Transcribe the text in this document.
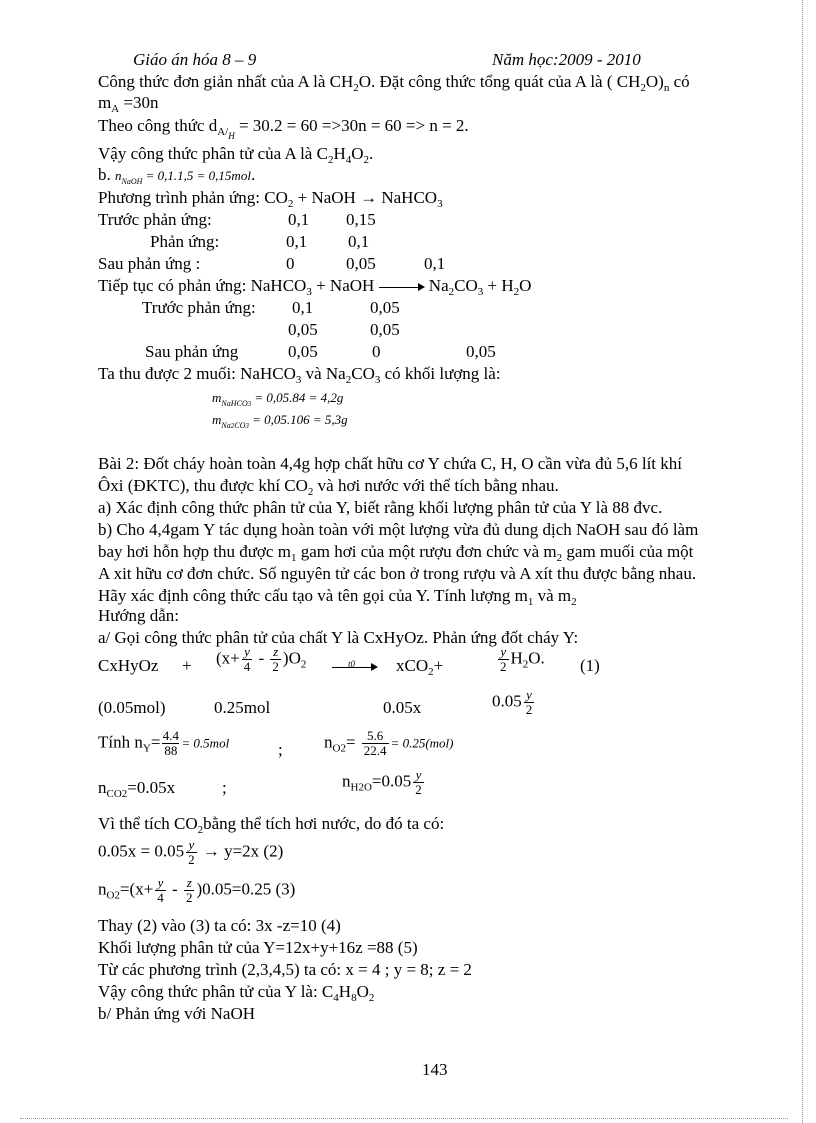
Giáo án hóa 8 – 9	Năm học:2009 - 2010
Công thức đơn giản nhất của A là $CH_2O$. Đặt công thức tổng quát của A là ( $CH_2O)_n$ có
$m_A =30n$
Theo công thức $d_{A/H} = 30.2 = 60 =>30n = 60 => n = 2$.
Vậy công thức phân tử của A là $C_2H_4O_2$.
b. $n_{NaOH} = 0,1.1,5 = 0,15mol$.
Phương trình phản ứng: $CO_2$ + NaOH → NaHCO$_3$
Trước phản ứng:	0,1 0,15
Phản ứng:	0,1 0,1
Sau phản ứng :	0	0,05	0,1
Tiếp tục có phản ứng: NaHCO$_3$ + NaOH	$Na_2CO_3 + H_2O$
Trước phản ứng: 0,1	0,05
0,05	0,05
Sau phản ứng	0,05	0	0,05
Ta thu được 2 muối: NaHCO$_3$ và $Na_2CO_3$ có khối lượng là:
$m_{NaHCO3} = 0,05.84 = 4,2g$
$m_{Na2CO3} = 0,05.106 = 5,3g$
Bài 2: Đốt cháy hoàn toàn 4,4g hợp chất hữu cơ Y chứa C, H, O cần vừa đủ 5,6 lít khí
Ôxi (ĐKTC), thu được khí $CO_2$ và hơi nước với thể tích bằng nhau.
a) Xác định công thức phân tử của Y, biết rằng khối lượng phân tử của Y là 88 đvc.
b) Cho 4,4gam Y tác dụng hoàn toàn với một lượng vừa đủ dung dịch NaOH sau đó làm
bay hơi hỗn hợp thu được $m_1$ gam hơi của một rượu đơn chức và $m_2$ gam muối của một
A xit hữu cơ đơn chức. Số nguyên tử các bon ở trong rượu và A xít thu được bằng nhau.
Hãy xác định công thức cấu tạo và tên gọi của Y. Tính lượng $m_1$ và $m_2$
Hướng dẫn:
a/ Gọi công thức phân tử của chất Y là CxHyOz. Phản ứng đốt cháy Y:
CxHyOz + $(x+ \frac{y}{4} - \frac{z}{2} )O_2$	t0 xCO$_2$+	$\frac{y}{2} H_2O$. (1)
(0.05mol)	0.25mol	0.05x	$0.05 \frac{y}{2}$
Tính $n_Y= \frac{4.4}{88} = 0.5mol$	; $n_{O2}= \frac{5.6}{22.4} = 0.25(mol)$
$n_{CO2}=0.05x$	;	$n_{H2O}=0.05 \frac{y}{2}$
Vì thể tích $CO_2bằng$ thể tích hơi nước, do đó ta có:
$0.05x = 0.05 \frac{y}{2} \to y=2x$ (2)
$n_{O2}=(x+ \frac{y}{4} - \frac{z}{2} )0.05=0.25$ (3)
Thay (2) vào (3) ta có: 3x -z=10 (4)
Khối lượng phân tử của Y=12x+y+16z =88 (5)
Từ các phương trình (2,3,4,5) ta có: x = 4 ; y = 8; z = 2
Vậy công thức phân tử của Y là: $C_4H_8O_2$
b/ Phản ứng với NaOH
143
